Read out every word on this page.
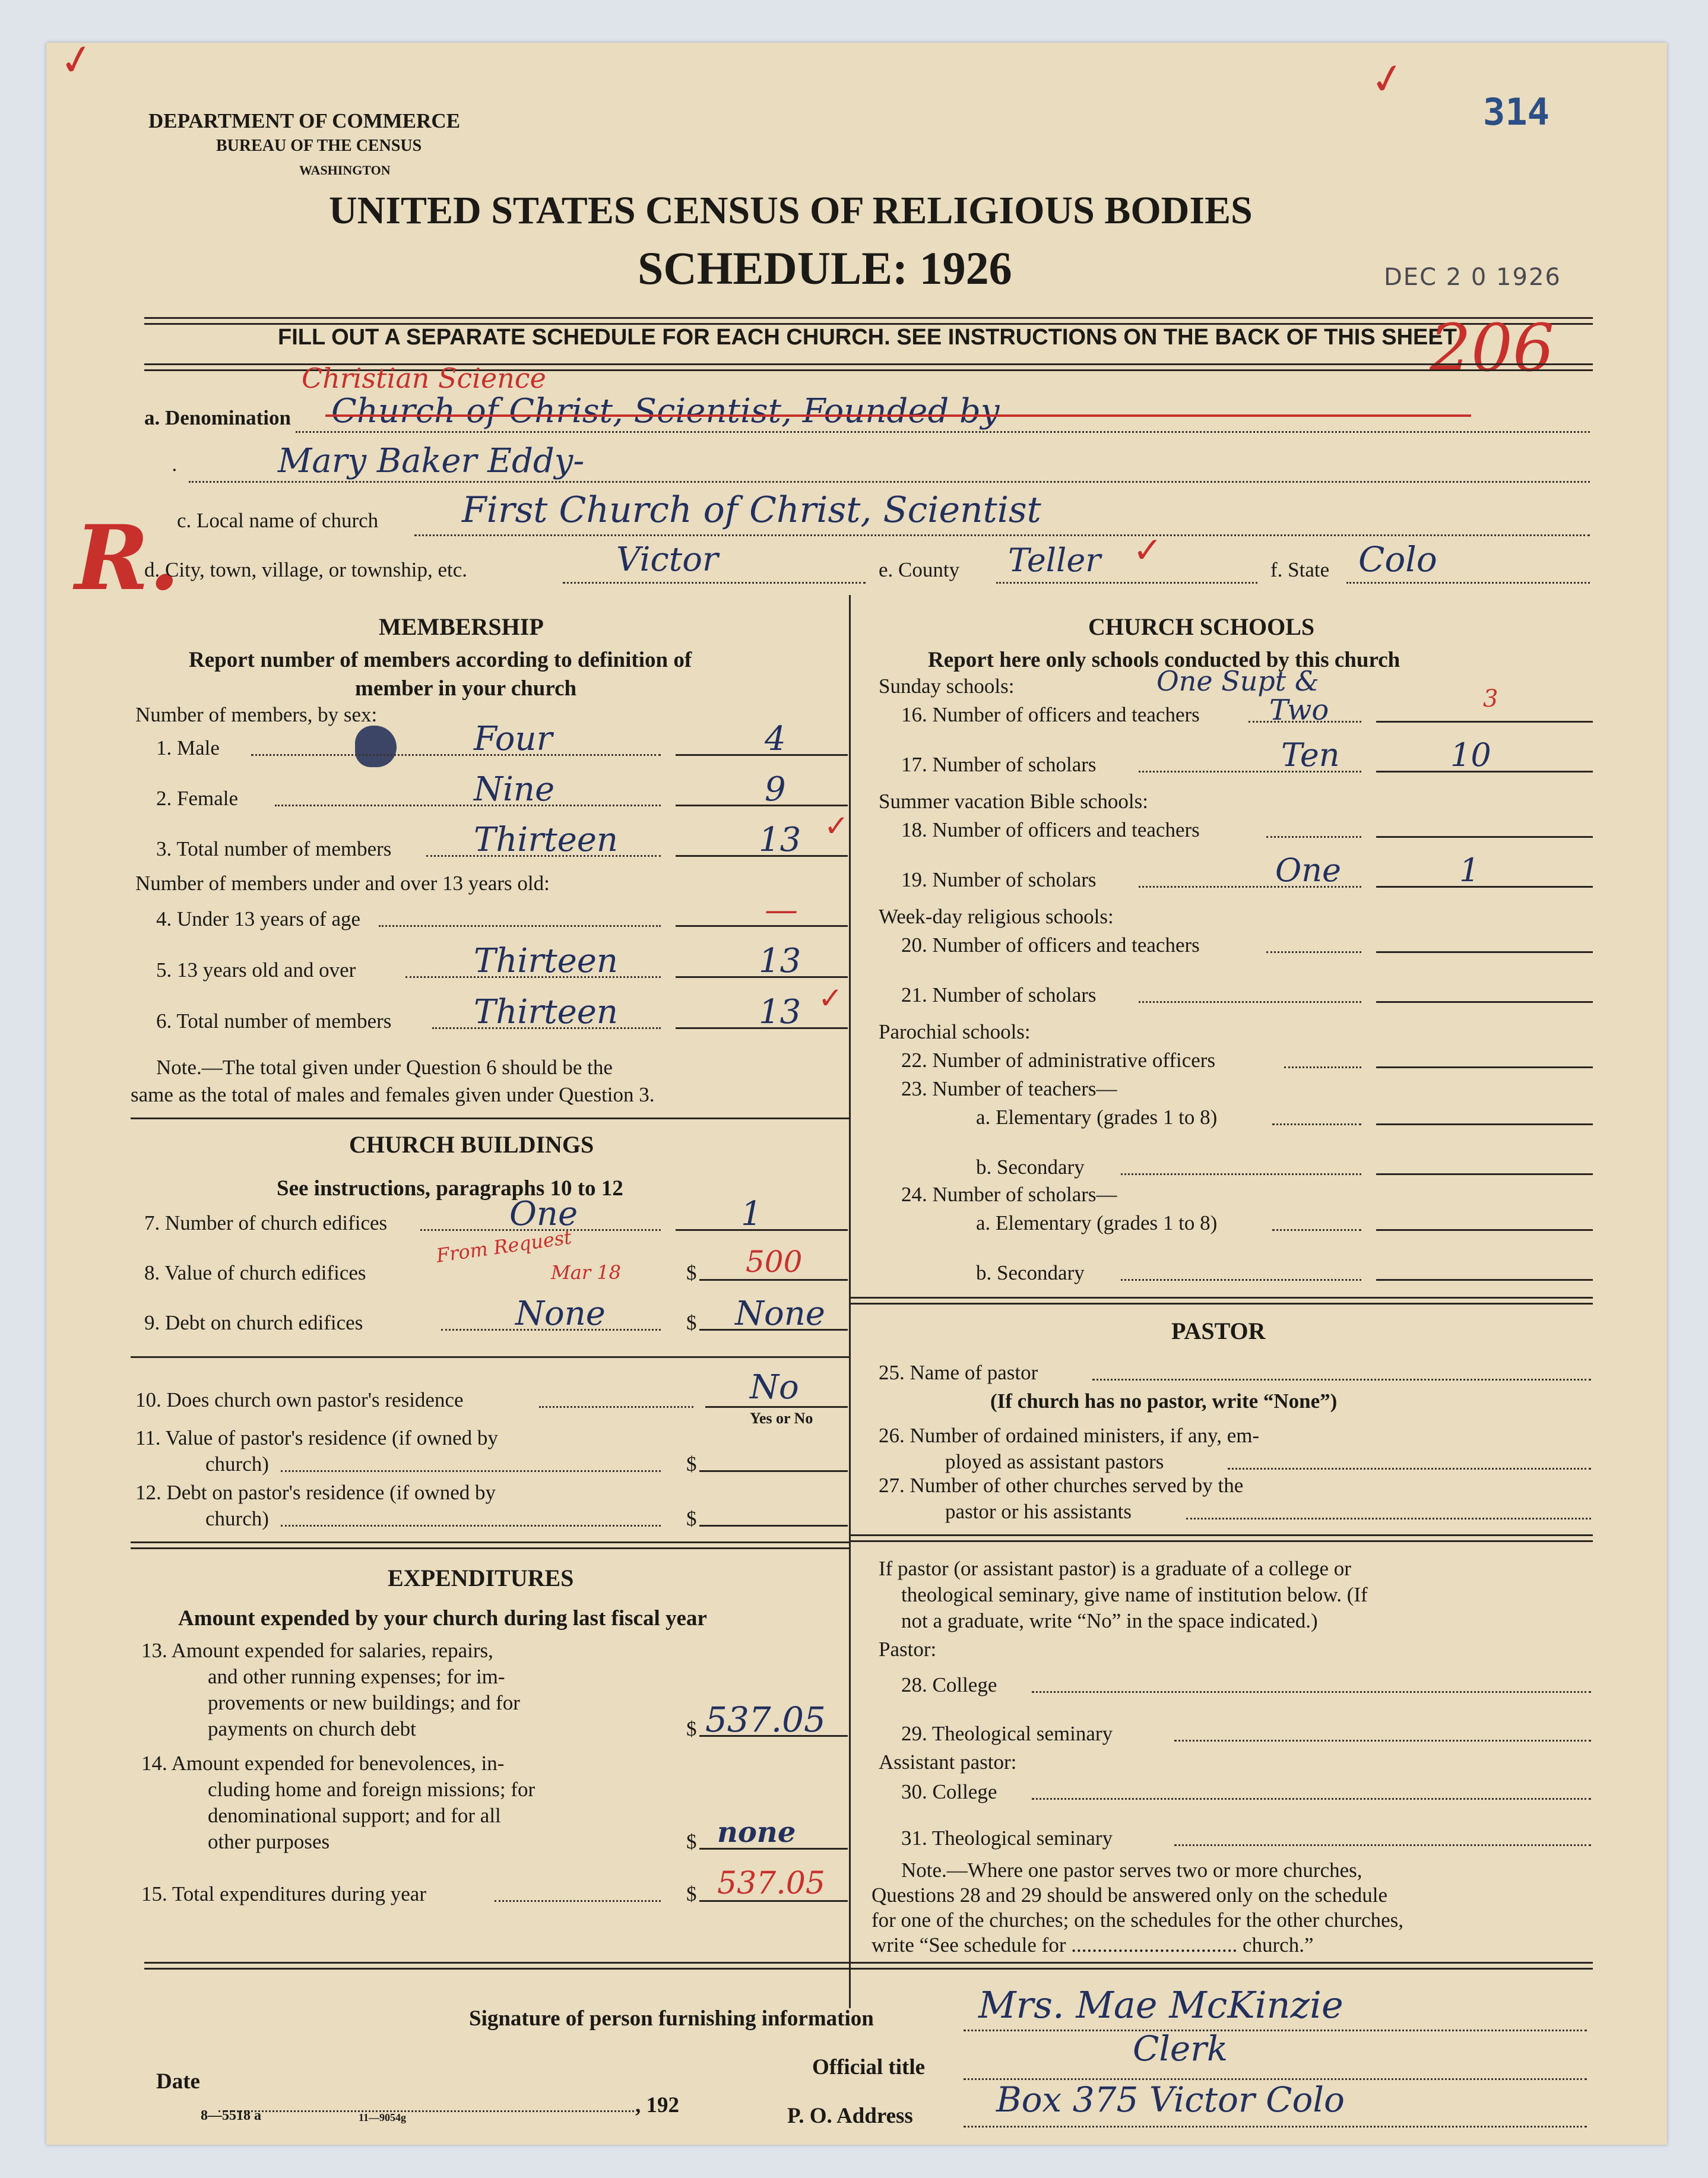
✓	✓
DEPARTMENT OF COMMERCE
BUREAU OF THE CENSUS
WASHINGTON
314
UNITED STATES CENSUS OF RELIGIOUS BODIES
SCHEDULE: 1926	DEC 2 0 1926
FILL OUT A SEPARATE SCHEDULE FOR EACH CHURCH. SEE INSTRUCTIONS ON THE BACK OF THIS SHEET
206
a. Denomination Church of Christ, Scientist, Founded by
Christian Science
·	Mary Baker Eddy-
R.
c. Local name of church First Church of Christ, Scientist
d. City, town, village, or township, etc.	Victor	e. County Teller ✓	f. State Colo
MEMBERSHIP
Report number of members according to definition of
member in your church
Number of members, by sex:
1. Male	Four	4
2. Female	Nine	9
3. Total number of members Thirteen	13 ✓
Number of members under and over 13 years old:
4. Under 13 years of age	—
5. 13 years old and over	Thirteen	13
6. Total number of members Thirteen	13 ✓
Note.—The total given under Question 6 should be the
same as the total of males and females given under Question 3.
CHURCH BUILDINGS
See instructions, paragraphs 10 to 12
7. Number of church edifices	One	1
8. Value of church edifices
From Request
Mar 18	$ 500
9. Debt on church edifices	None	$ None
10. Does church own pastor's residence	No
Yes or No
11. Value of pastor's residence (if owned by
church)	$
12. Debt on pastor's residence (if owned by
church)	$
EXPENDITURES
Amount expended by your church during last fiscal year
13. Amount expended for salaries, repairs,
and other running expenses; for im-
provements or new buildings; and for
payments on church debt	$ 537.05
14. Amount expended for benevolences, in-
cluding home and foreign missions; for
denominational support; and for all
other purposes	$ none
15. Total expenditures during year	$ 537.05
CHURCH SCHOOLS
Report here only schools conducted by this church
Sunday schools:	One Supt &
16. Number of officers and teachers Two	3
17. Number of scholars	Ten	10
Summer vacation Bible schools:
18. Number of officers and teachers
19. Number of scholars	One	1
Week-day religious schools:
20. Number of officers and teachers
21. Number of scholars
Parochial schools:
22. Number of administrative officers
23. Number of teachers—
a. Elementary (grades 1 to 8)
b. Secondary
24. Number of scholars—
a. Elementary (grades 1 to 8)
b. Secondary
PASTOR
25. Name of pastor
(If church has no pastor, write “None”)
26. Number of ordained ministers, if any, em-
ployed as assistant pastors
27. Number of other churches served by the
pastor or his assistants
If pastor (or assistant pastor) is a graduate of a college or
theological seminary, give name of institution below. (If
not a graduate, write “No” in the space indicated.)
Pastor:
28. College
29. Theological seminary
Assistant pastor:
30. College
31. Theological seminary
Note.—Where one pastor serves two or more churches,
Questions 28 and 29 should be answered only on the schedule
for one of the churches; on the schedules for the other churches,
write “See schedule for ................................ church.”
Signature of person furnishing information	Mrs. Mae McKinzie
Official title	Clerk
Date
, 192	P. O. Address Box 375 Victor Colo
8—5518 a	11—9054g
